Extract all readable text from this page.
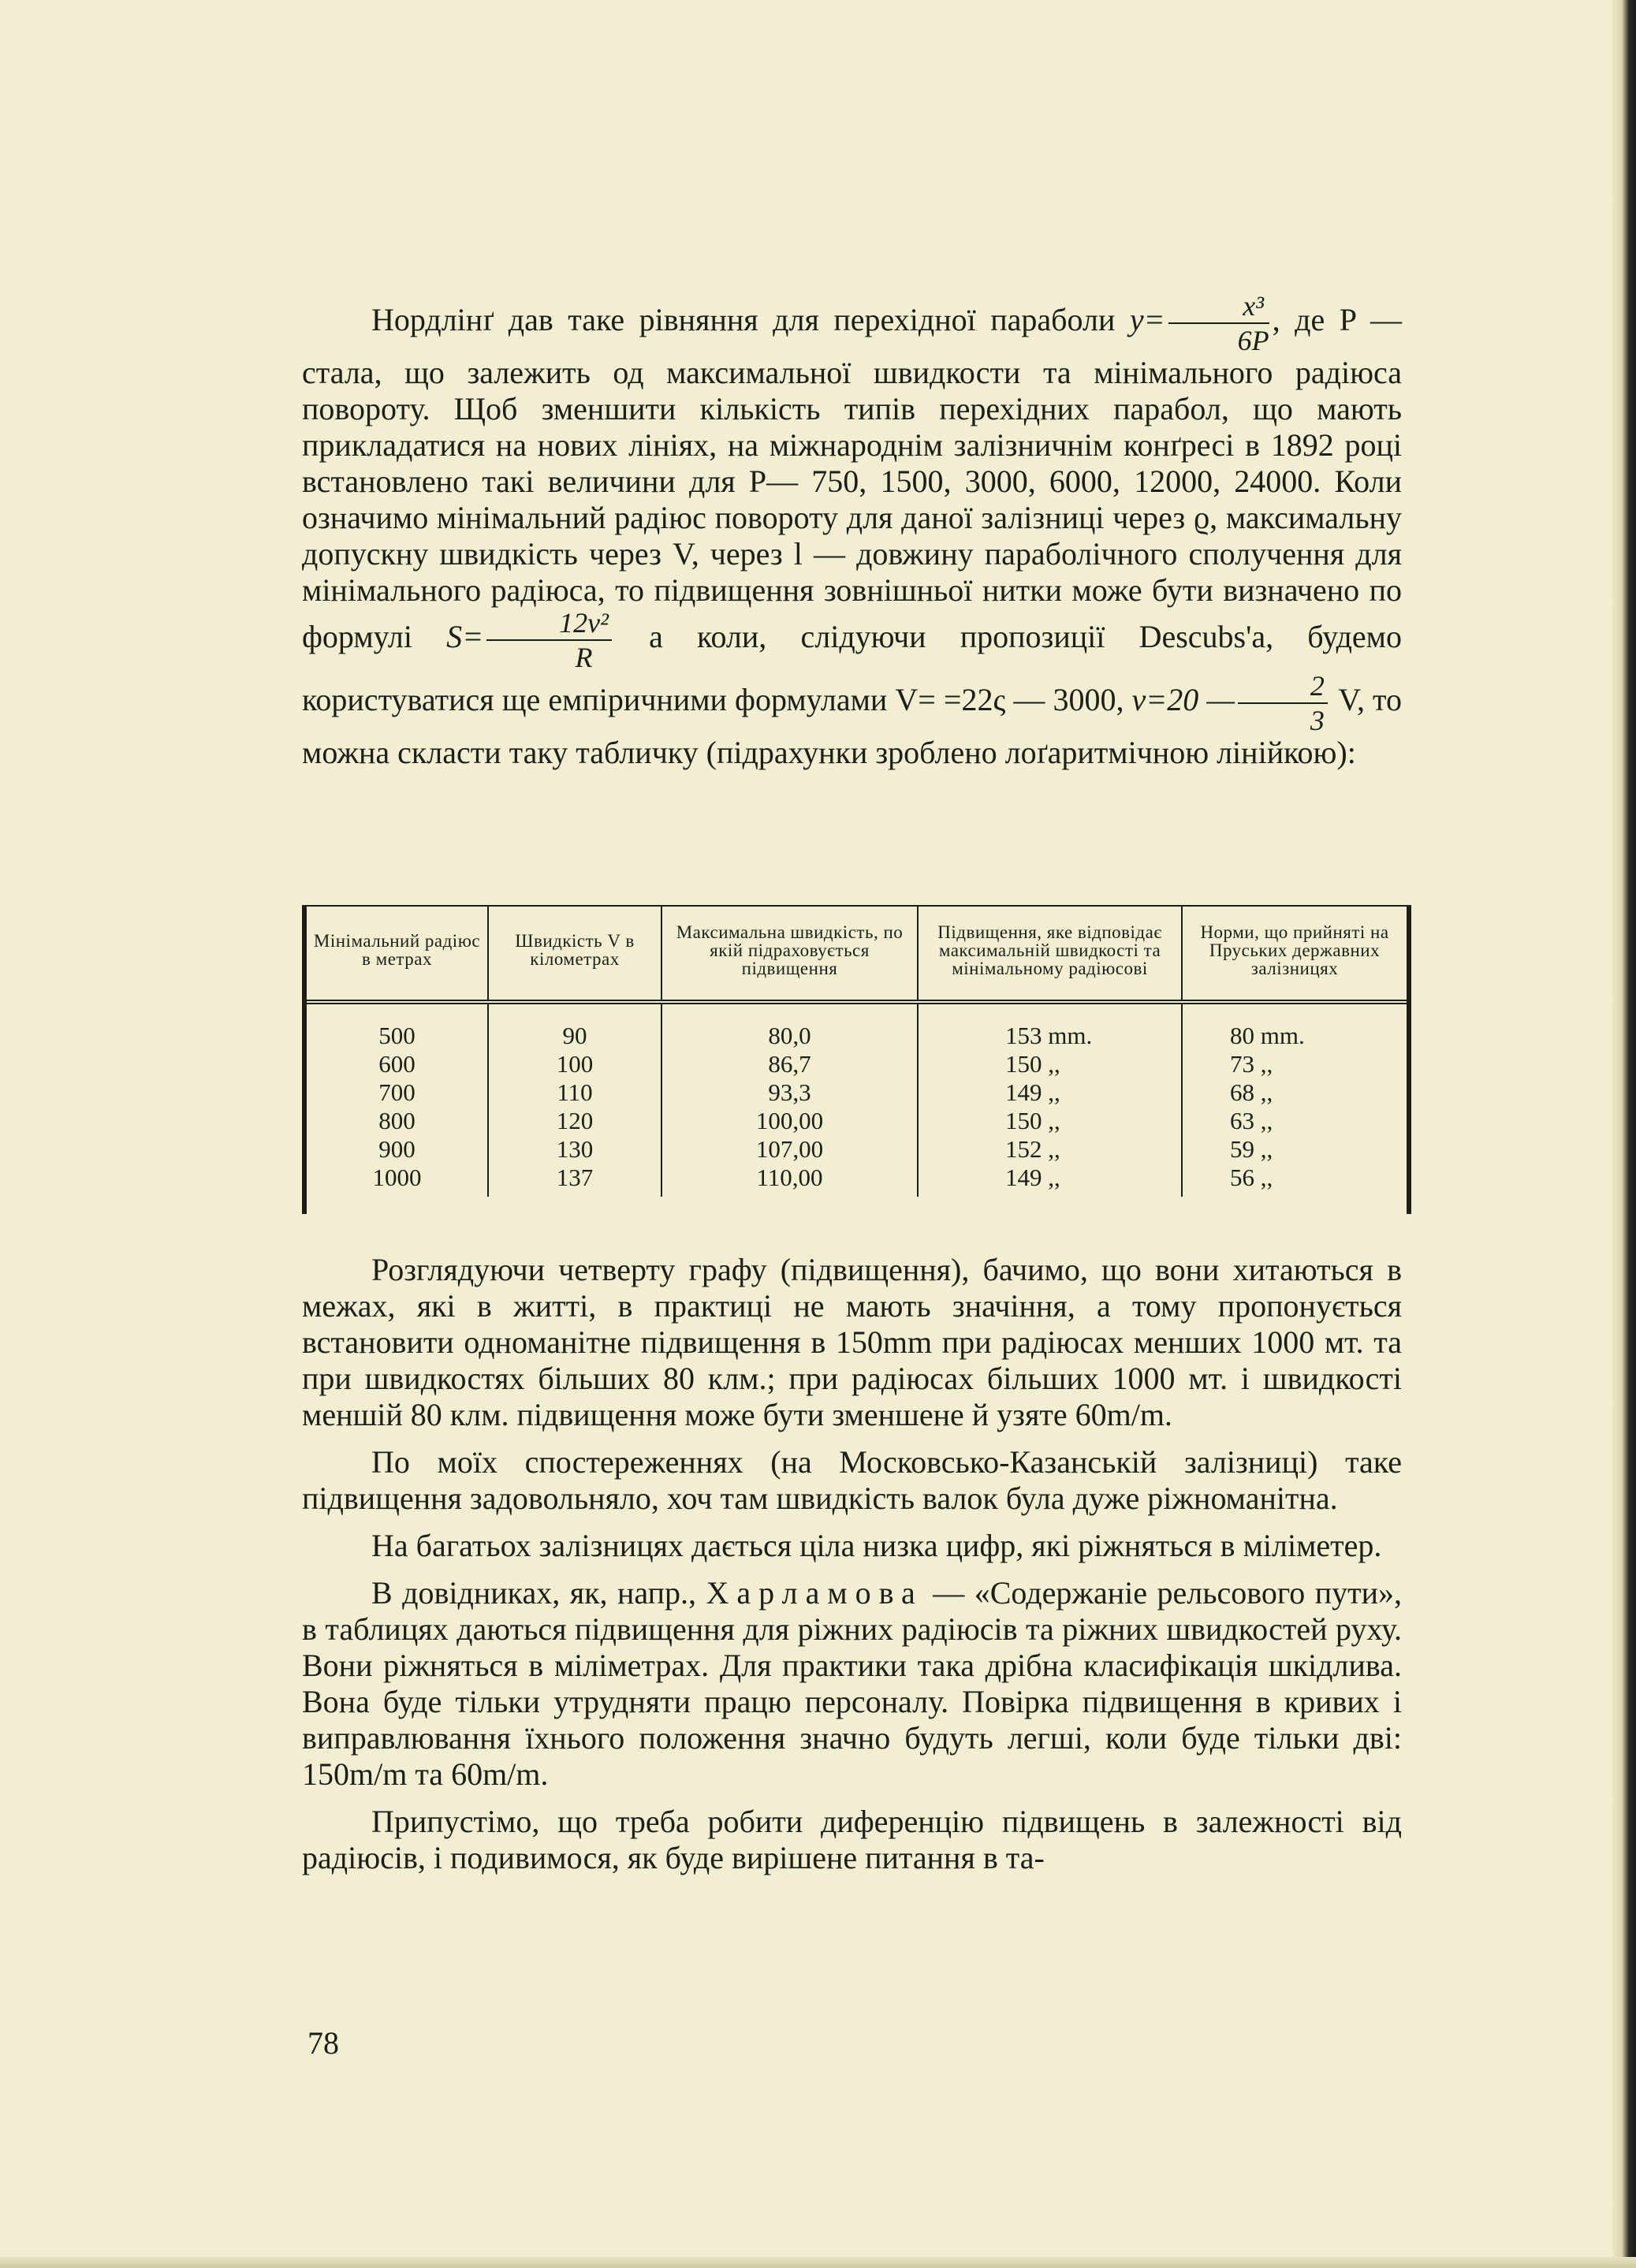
Нордлінґ дав таке рівняння для перехідної параболи $y= \frac{\text{x³}}{6P}$ , де P — стала, що залежить од максимальної швидкости та мінімального радіюса повороту. Щоб зменшити кількість типів перехідних парабол, що мають прикладатися на нових лініях, на міжнароднім залізничнім конґресі в 1892 році встановлено такі величини для P— 750, 1500, 3000, 6000, 12000, 24000. Коли означимо мінімальний радіюс повороту для даної залізниці через ϱ, максимальну допускну швидкість через V, через l — довжину параболічного сполучення для мінімального радіюса, то підвищення зовнішньої нитки може бути визначено по формулі $S= \frac{\text{12v²}}{R}$ а коли, слідуючи пропозиції Descubs'a, будемо користуватися ще емпіричними формулами V= =22ς — 3000, v=20 — $\frac{2}{3} V$, то можна скласти таку табличку (підрахунки зроблено лоґаритмічною лінійкою):

Мінімальний радіюс в метрах	Швидкість V в кілометрах	Максимальна швидкість, по якій підраховується підвищення	Підвищення, яке відповідає максимальній швидкості та мінімальному радіюсові	Норми, що прийняті на Пруських державних залізницях
500	90	80,0	153 mm.	80 mm.
600	100	86,7	150 ,,	73 ,,
700	110	93,3	149 ,,	68 ,,
800	120	100,00	150 ,,	63 ,,
900	130	107,00	152 ,,	59 ,,
1000	137	110,00	149 ,,	56 ,,

Розглядуючи четверту графу (підвищення), бачимо, що вони хитаються в межах, які в житті, в практиці не мають значіння, а тому пропонується встановити одноманітне підвищення в 150mm при радіюсах менших 1000 мт. та при швидкостях більших 80 клм.; при радіюсах більших 1000 мт. і швидкості меншій 80 клм. підвищення може бути зменшене й узяте 60m/m.

По моїх спостереженнях (на Московсько-Казанській залізниці) таке підвищення задовольняло, хоч там швидкість валок була дуже ріжноманітна.

На багатьох залізницях дається ціла низка цифр, які ріжняться в міліметер.

В довідниках, як, напр., Харламова — «Содержаніе рельсового пути», в таблицях даються підвищення для ріжних радіюсів та ріжних швидкостей руху. Вони ріжняться в міліметрах. Для практики така дрібна класифікація шкідлива. Вона буде тільки утрудняти працю персоналу. Повірка підвищення в кривих і виправлювання їхнього положення значно будуть легші, коли буде тільки дві: 150m/m та 60m/m.

Припустімо, що треба робити диференцію підвищень в залежності від радіюсів, і подивимося, як буде вирішене питання в та-

78
